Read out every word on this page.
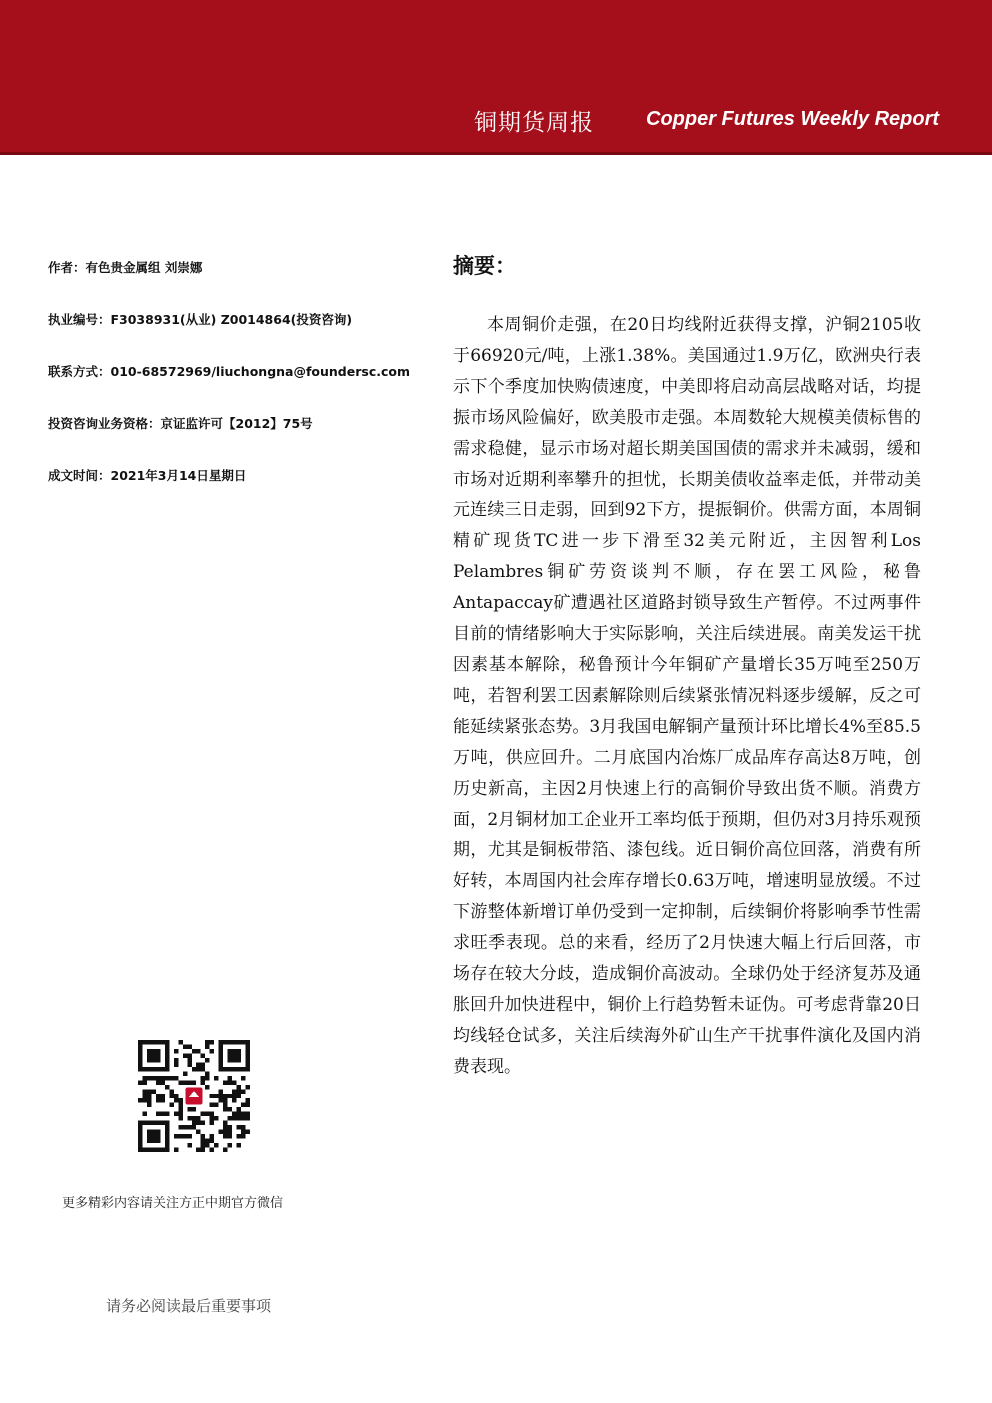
铜期货周报	Copper Futures Weekly Report
作者：有色贵金属组 刘崇娜
执业编号：F3038931(从业) Z0014864(投资咨询)
联系方式：010-68572969/liuchongna@foundersc.com
投资咨询业务资格：京证监许可【2012】75号
成文时间：2021年3月14日星期日
摘要：
本周铜价走强，在20日均线附近获得支撑，沪铜2105收于66920元/吨，上涨1.38%。美国通过1.9万亿，欧洲央行表示下个季度加快购债速度，中美即将启动高层战略对话，均提振市场风险偏好，欧美股市走强。本周数轮大规模美债标售的需求稳健，显示市场对超长期美国国债的需求并未减弱，缓和市场对近期利率攀升的担忧，长期美债收益率走低，并带动美元连续三日走弱，回到92下方，提振铜价。供需方面，本周铜精矿现货TC进一步下滑至32美元附近，主因智利Los Pelambres铜矿劳资谈判不顺，存在罢工风险，秘鲁Antapaccay矿遭遇社区道路封锁导致生产暂停。不过两事件目前的情绪影响大于实际影响，关注后续进展。南美发运干扰因素基本解除，秘鲁预计今年铜矿产量增长35万吨至250万吨，若智利罢工因素解除则后续紧张情况料逐步缓解，反之可能延续紧张态势。3月我国电解铜产量预计环比增长4%至85.5万吨，供应回升。二月底国内冶炼厂成品库存高达8万吨，创历史新高，主因2月快速上行的高铜价导致出货不顺。消费方面，2月铜材加工企业开工率均低于预期，但仍对3月持乐观预期，尤其是铜板带箔、漆包线。近日铜价高位回落，消费有所好转，本周国内社会库存增长0.63万吨，增速明显放缓。不过下游整体新增订单仍受到一定抑制，后续铜价将影响季节性需求旺季表现。总的来看，经历了2月快速大幅上行后回落，市场存在较大分歧，造成铜价高波动。全球仍处于经济复苏及通胀回升加快进程中，铜价上行趋势暂未证伪。可考虑背靠20日均线轻仓试多，关注后续海外矿山生产干扰事件演化及国内消费表现。
更多精彩内容请关注方正中期官方微信
请务必阅读最后重要事项
